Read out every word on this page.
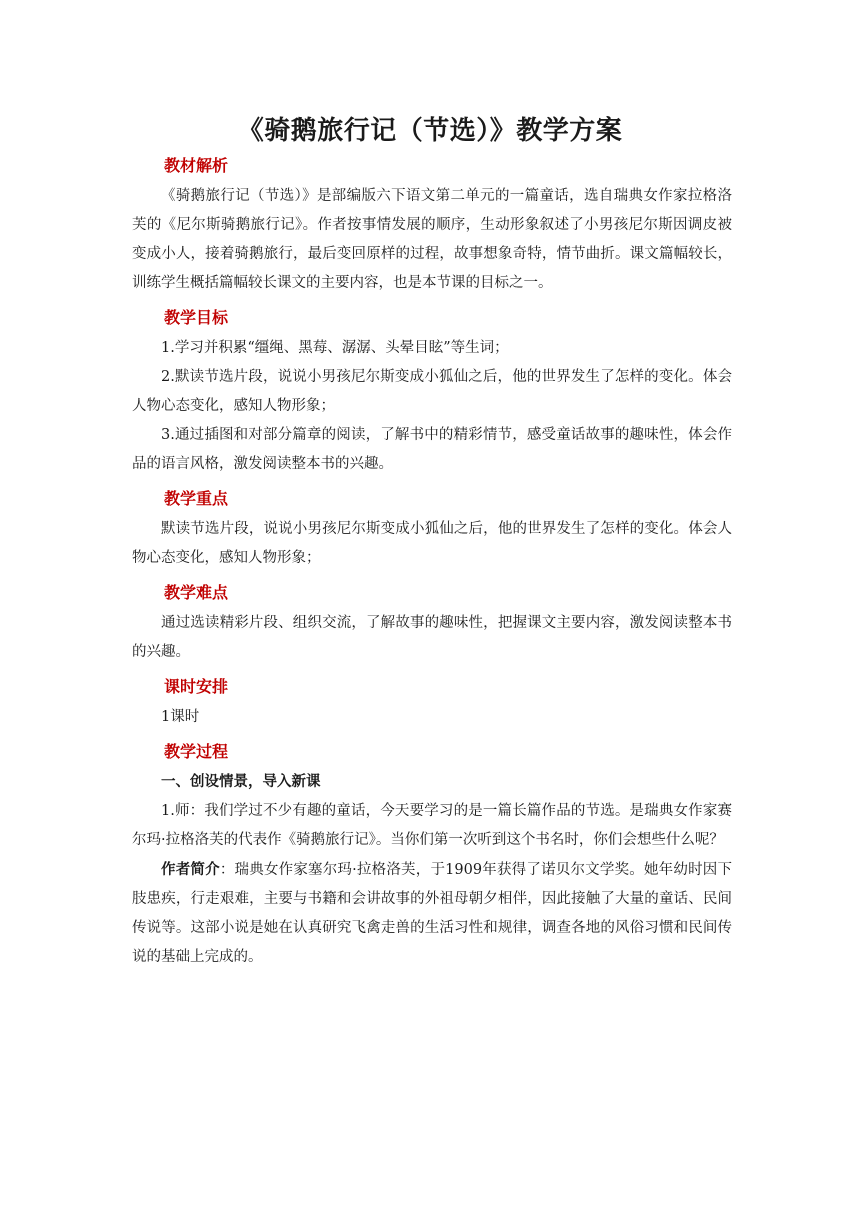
《骑鹅旅行记（节选）》教学方案
教材解析

《骑鹅旅行记（节选）》是部编版六下语文第二单元的一篇童话，选自瑞典女作家拉格洛芙的《尼尔斯骑鹅旅行记》。作者按事情发展的顺序，生动形象叙述了小男孩尼尔斯因调皮被变成小人，接着骑鹅旅行，最后变回原样的过程，故事想象奇特，情节曲折。课文篇幅较长，训练学生概括篇幅较长课文的主要内容，也是本节课的目标之一。

教学目标

1.学习并积累“缰绳、黑莓、潺潺、头晕目眩”等生词；

2.默读节选片段，说说小男孩尼尔斯变成小狐仙之后，他的世界发生了怎样的变化。体会人物心态变化，感知人物形象；

3.通过插图和对部分篇章的阅读，了解书中的精彩情节，感受童话故事的趣味性，体会作品的语言风格，激发阅读整本书的兴趣。

教学重点

默读节选片段，说说小男孩尼尔斯变成小狐仙之后，他的世界发生了怎样的变化。体会人物心态变化，感知人物形象；

教学难点

通过选读精彩片段、组织交流，了解故事的趣味性，把握课文主要内容，激发阅读整本书的兴趣。

课时安排

1课时

教学过程
一、创设情景，导入新课

1.师：我们学过不少有趣的童话，今天要学习的是一篇长篇作品的节选。是瑞典女作家赛尔玛·拉格洛芙的代表作《骑鹅旅行记》。当你们第一次听到这个书名时，你们会想些什么呢？

作者简介：瑞典女作家塞尔玛·拉格洛芙，于1909年获得了诺贝尔文学奖。她年幼时因下肢患疾，行走艰难，主要与书籍和会讲故事的外祖母朝夕相伴，因此接触了大量的童话、民间传说等。这部小说是她在认真研究飞禽走兽的生活习性和规律，调查各地的风俗习惯和民间传说的基础上完成的。
